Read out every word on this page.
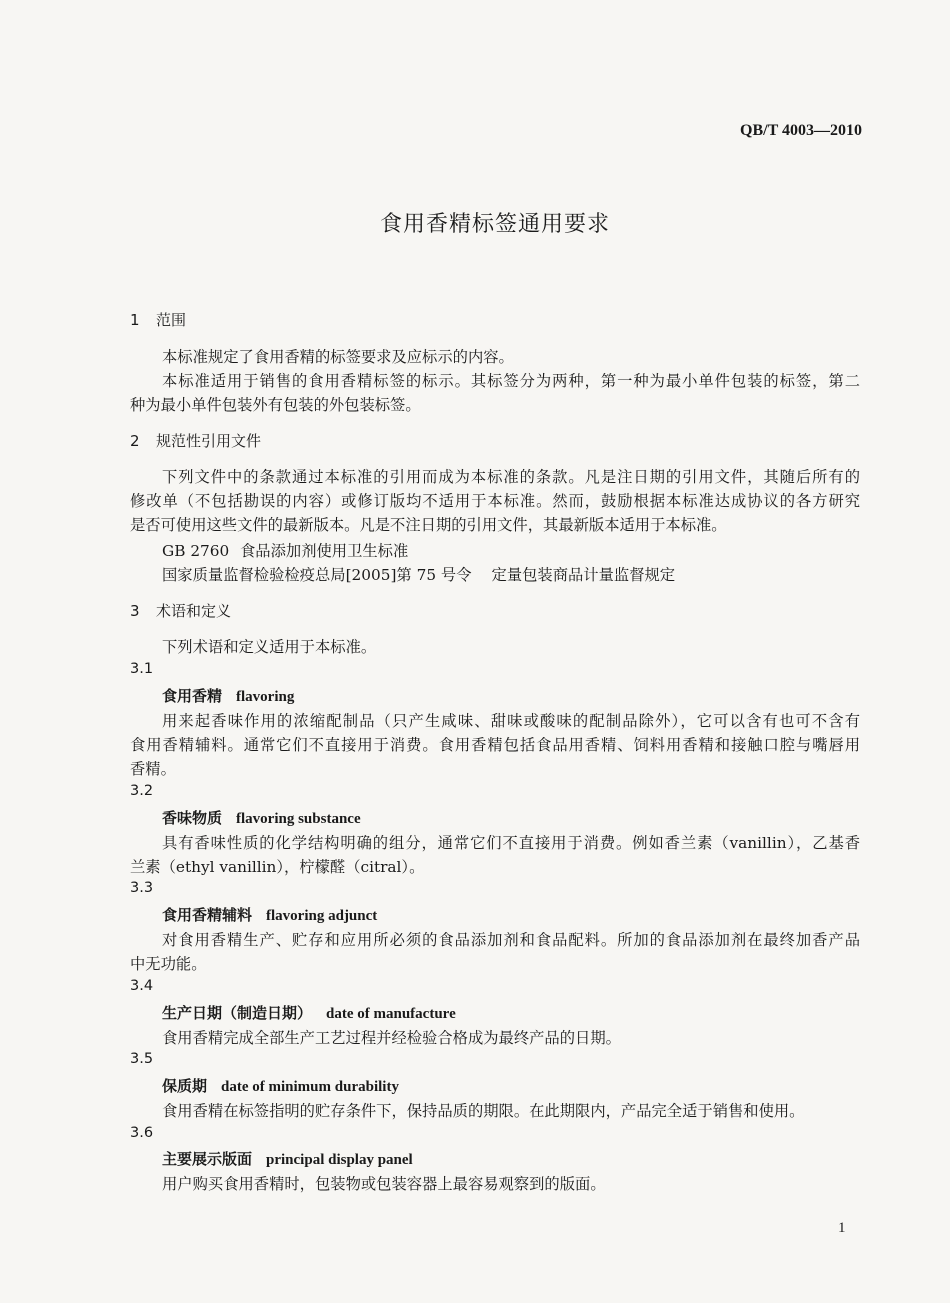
QB/T 4003—2010
食用香精标签通用要求
1 范围
本标准规定了食用香精的标签要求及应标示的内容。
本标准适用于销售的食用香精标签的标示。其标签分为两种，第一种为最小单件包装的标签，第二
种为最小单件包装外有包装的外包装标签。
2 规范性引用文件
下列文件中的条款通过本标准的引用而成为本标准的条款。凡是注日期的引用文件，其随后所有的
修改单（不包括勘误的内容）或修订版均不适用于本标准。然而，鼓励根据本标准达成协议的各方研究
是否可使用这些文件的最新版本。凡是不注日期的引用文件，其最新版本适用于本标准。
GB 2760 食品添加剂使用卫生标准
国家质量监督检验检疫总局[2005]第 75 号令 定量包装商品计量监督规定
3 术语和定义
下列术语和定义适用于本标准。
3.1
食用香精 flavoring
用来起香味作用的浓缩配制品（只产生咸味、甜味或酸味的配制品除外），它可以含有也可不含有
食用香精辅料。通常它们不直接用于消费。食用香精包括食品用香精、饲料用香精和接触口腔与嘴唇用
香精。
3.2
香味物质 flavoring substance
具有香味性质的化学结构明确的组分，通常它们不直接用于消费。例如香兰素（vanillin），乙基香
兰素（ethyl vanillin），柠檬醛（citral）。
3.3
食用香精辅料 flavoring adjunct
对食用香精生产、贮存和应用所必须的食品添加剂和食品配料。所加的食品添加剂在最终加香产品
中无功能。
3.4
生产日期（制造日期） date of manufacture
食用香精完成全部生产工艺过程并经检验合格成为最终产品的日期。
3.5
保质期 date of minimum durability
食用香精在标签指明的贮存条件下，保持品质的期限。在此期限内，产品完全适于销售和使用。
3.6
主要展示版面 principal display panel
用户购买食用香精时，包装物或包装容器上最容易观察到的版面。
1
